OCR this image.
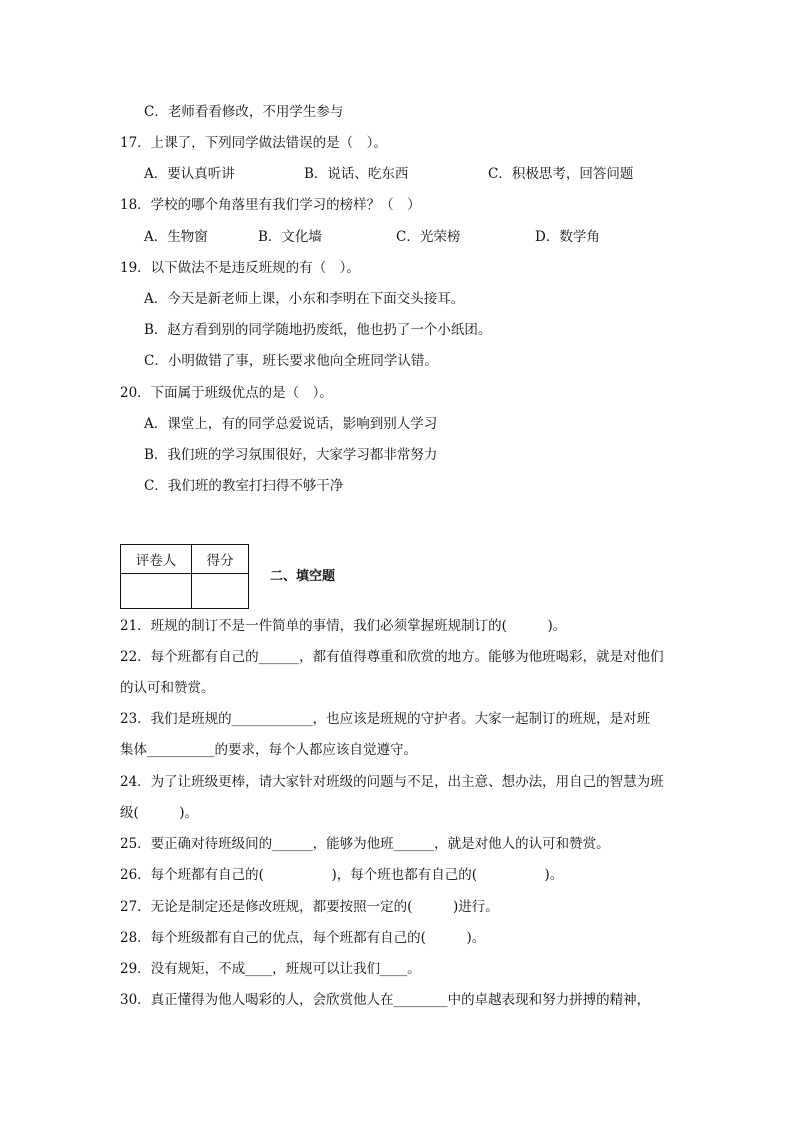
C．老师看看修改，不用学生参与
17．上课了，下列同学做法错误的是（　）。
A．要认真听讲	B．说话、吃东西	C．积极思考，回答问题
18．学校的哪个角落里有我们学习的榜样？（　）
A．生物窗	B．文化墙	C．光荣榜	D．数学角
19．以下做法不是违反班规的有（　）。
A．今天是新老师上课，小东和李明在下面交头接耳。
B．赵方看到别的同学随地扔废纸，他也扔了一个小纸团。
C．小明做错了事，班长要求他向全班同学认错。
20．下面属于班级优点的是（　）。
A．课堂上，有的同学总爱说话，影响到别人学习
B．我们班的学习氛围很好，大家学习都非常努力
C．我们班的教室打扫得不够干净
评卷人	得分

二、填空题
21．班规的制订不是一件简单的事情，我们必须掌握班规制订的(　　　)。
22．每个班都有自己的______，都有值得尊重和欣赏的地方。能够为他班喝彩，就是对他们
的认可和赞赏。
23．我们是班规的____________，也应该是班规的守护者。大家一起制订的班规，是对班
集体__________的要求，每个人都应该自觉遵守。
24．为了让班级更棒，请大家针对班级的问题与不足，出主意、想办法，用自己的智慧为班
级(　　　)。
25．要正确对待班级间的______，能够为他班______，就是对他人的认可和赞赏。
26．每个班都有自己的(　　　　　)，每个班也都有自己的(　　　　　)。
27．无论是制定还是修改班规，都要按照一定的(　　　)进行。
28．每个班级都有自己的优点，每个班都有自己的(　　　)。
29．没有规矩，不成____，班规可以让我们____。
30．真正懂得为他人喝彩的人，会欣赏他人在________中的卓越表现和努力拼搏的精神，
